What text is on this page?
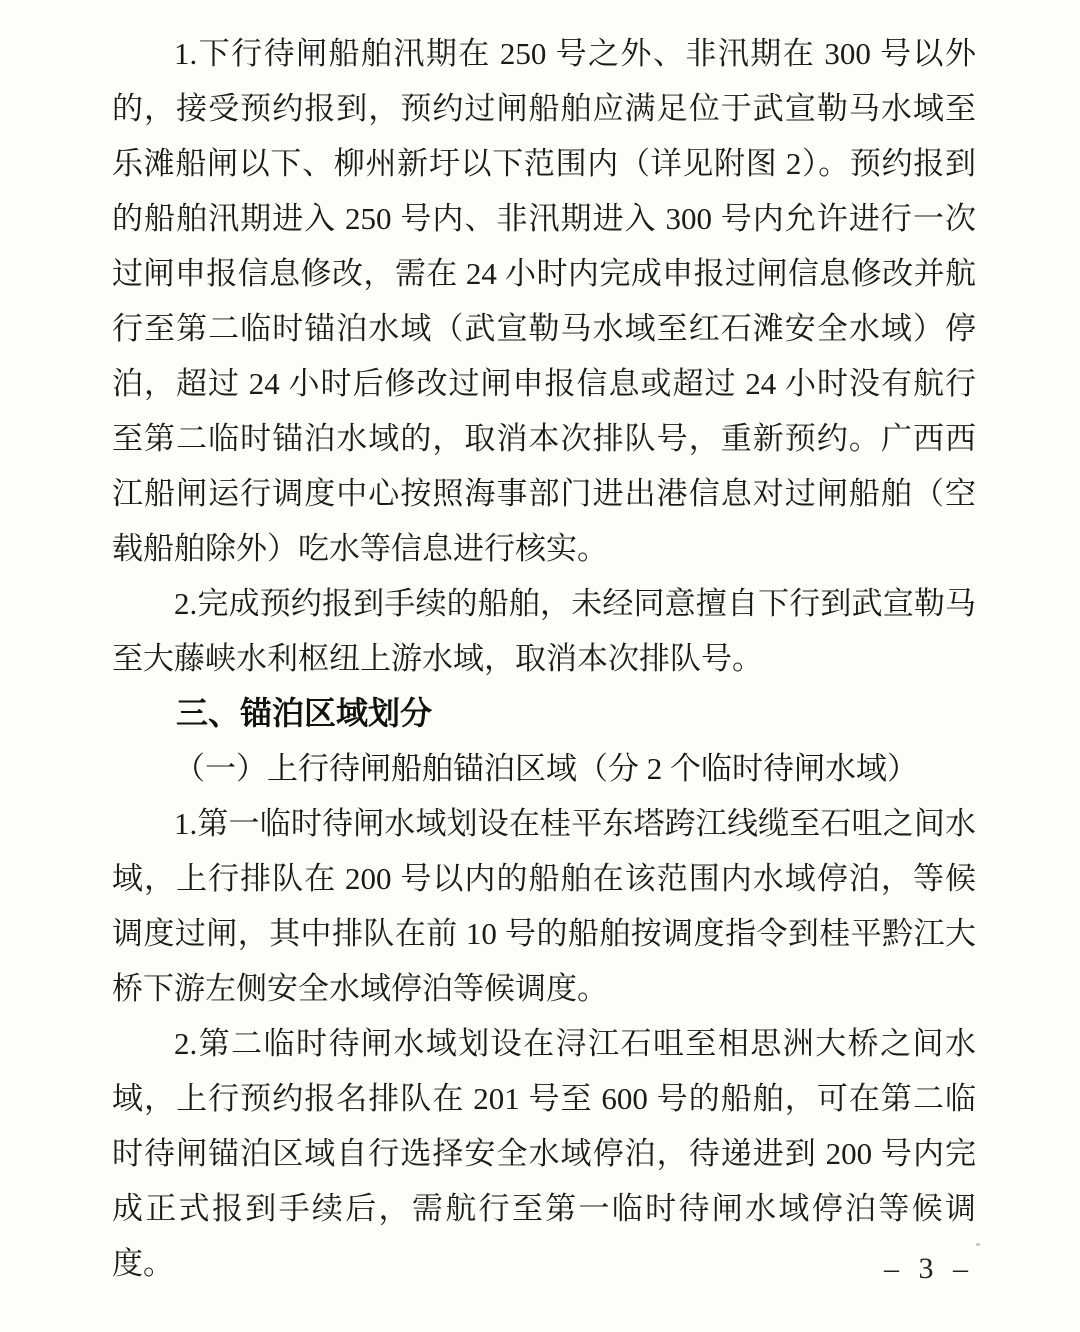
1.下行待闸船舶汛期在 250 号之外、非汛期在 300 号以外的，接受预约报到，预约过闸船舶应满足位于武宣勒马水域至乐滩船闸以下、柳州新圩以下范围内（详见附图 2）。预约报到的船舶汛期进入 250 号内、非汛期进入 300 号内允许进行一次过闸申报信息修改，需在 24 小时内完成申报过闸信息修改并航行至第二临时锚泊水域（武宣勒马水域至红石滩安全水域）停泊，超过 24 小时后修改过闸申报信息或超过 24 小时没有航行至第二临时锚泊水域的，取消本次排队号，重新预约。广西西江船闸运行调度中心按照海事部门进出港信息对过闸船舶（空载船舶除外）吃水等信息进行核实。

2.完成预约报到手续的船舶，未经同意擅自下行到武宣勒马至大藤峡水利枢纽上游水域，取消本次排队号。

三、锚泊区域划分

（一）上行待闸船舶锚泊区域（分 2 个临时待闸水域）

1.第一临时待闸水域划设在桂平东塔跨江线缆至石咀之间水域，上行排队在 200 号以内的船舶在该范围内水域停泊，等候调度过闸，其中排队在前 10 号的船舶按调度指令到桂平黔江大桥下游左侧安全水域停泊等候调度。

2.第二临时待闸水域划设在浔江石咀至相思洲大桥之间水域，上行预约报名排队在 201 号至 600 号的船舶，可在第二临时待闸锚泊区域自行选择安全水域停泊，待递进到 200 号内完成正式报到手续后，需航行至第一临时待闸水域停泊等候调度。	– 3 –
